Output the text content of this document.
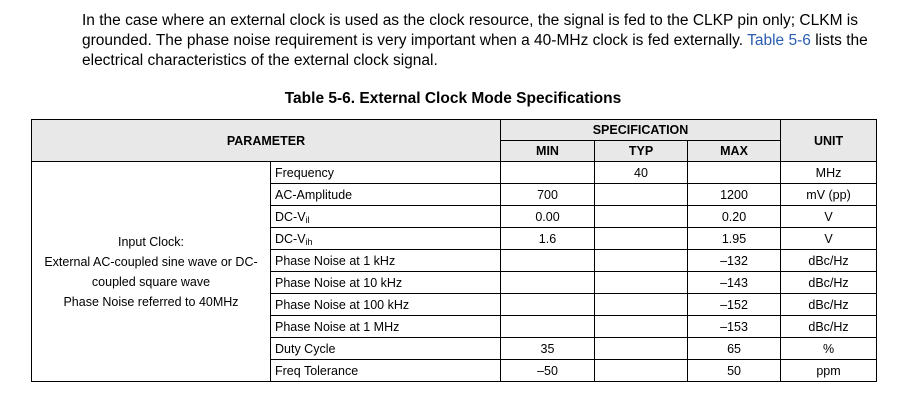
In the case where an external clock is used as the clock resource, the signal is fed to the CLKP pin only; CLKM is grounded. The phase noise requirement is very important when a 40-MHz clock is fed externally. Table 5-6 lists the electrical characteristics of the external clock signal.

Table 5-6. External Clock Mode Specifications
PARAMETER		SPECIFICATION			UNIT
		MIN	TYP	MAX	

Input Clock:
External AC-coupled sine wave or DC-
coupled square wave
Phase Noise referred to 40MHz	Frequency		40		MHz
	AC-Amplitude	700		1200	mV (pp)
	$DC-V_{il}$	0.00		0.20	V
	$DC-V_{ih}$	1.6		1.95	V
	Phase Noise at 1 kHz			–132	dBc/Hz
	Phase Noise at 10 kHz			–143	dBc/Hz
	Phase Noise at 100 kHz			–152	dBc/Hz
	Phase Noise at 1 MHz			–153	dBc/Hz
	Duty Cycle	35		65	%
	Freq Tolerance	–50		50	ppm
